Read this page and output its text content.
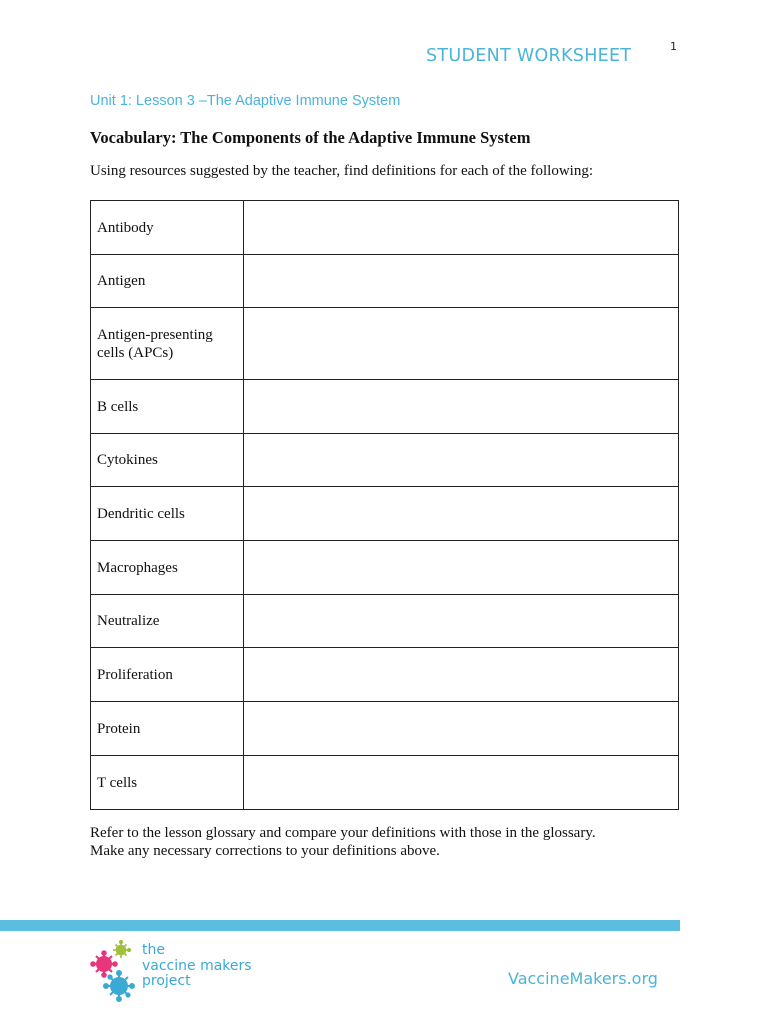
STUDENT WORKSHEET	1
Unit 1: Lesson 3 –The Adaptive Immune System
Vocabulary: The Components of the Adaptive Immune System
Using resources suggested by the teacher, find definitions for each of the following:
Antibody	
Antigen	
Antigen-presenting cells (APCs)	
B cells	
Cytokines	
Dendritic cells	
Macrophages	
Neutralize	
Proliferation	
Protein	
T cells	
Refer to the lesson glossary and compare your definitions with those in the glossary.
Make any necessary corrections to your definitions above.
the
vaccine makers
project	VaccineMakers.org
